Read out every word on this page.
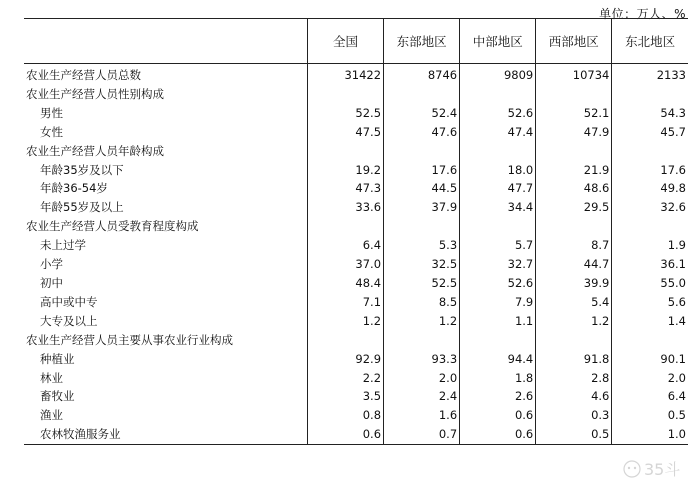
单位：万人、%
	全国	东部地区	中部地区	西部地区	东北地区
农业生产经营人员总数	31422	8746	9809	10734	2133
农业生产经营人员性别构成					
男性	52.5	52.4	52.6	52.1	54.3
女性	47.5	47.6	47.4	47.9	45.7
农业生产经营人员年龄构成					
年龄35岁及以下	19.2	17.6	18.0	21.9	17.6
年龄36-54岁	47.3	44.5	47.7	48.6	49.8
年龄55岁及以上	33.6	37.9	34.4	29.5	32.6
农业生产经营人员受教育程度构成					
未上过学	6.4	5.3	5.7	8.7	1.9
小学	37.0	32.5	32.7	44.7	36.1
初中	48.4	52.5	52.6	39.9	55.0
高中或中专	7.1	8.5	7.9	5.4	5.6
大专及以上	1.2	1.2	1.1	1.2	1.4
农业生产经营人员主要从事农业行业构成					
种植业	92.9	93.3	94.4	91.8	90.1
林业	2.2	2.0	1.8	2.8	2.0
畜牧业	3.5	2.4	2.6	4.6	6.4
渔业	0.8	1.6	0.6	0.3	0.5
农林牧渔服务业	0.6	0.7	0.6	0.5	1.0
35斗
